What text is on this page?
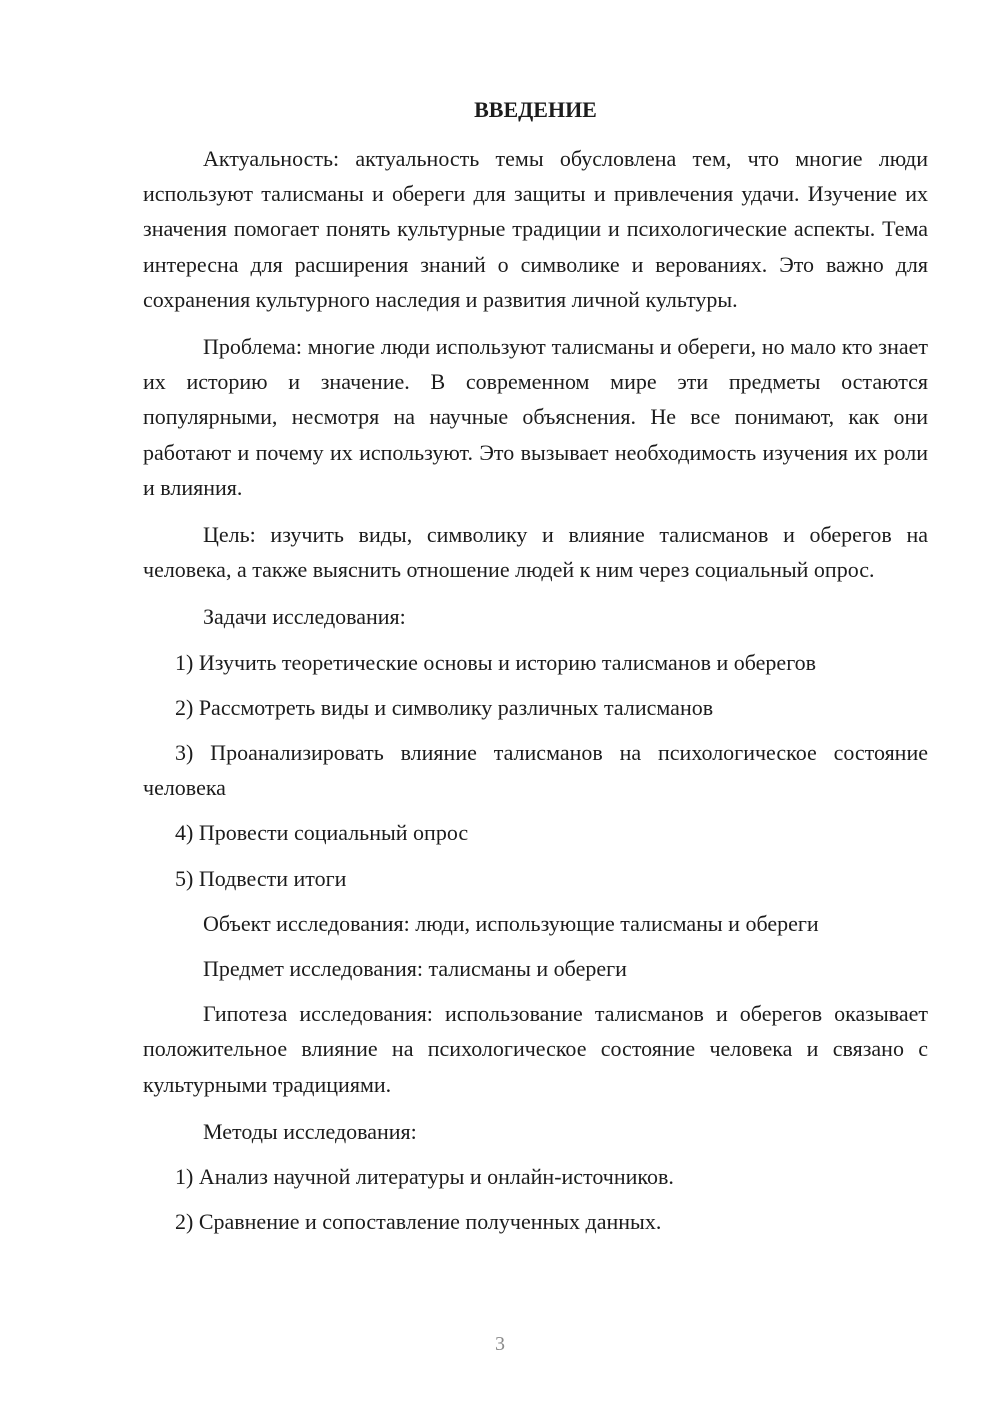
ВВЕДЕНИЕ

Актуальность: актуальность темы обусловлена тем, что многие люди используют талисманы и обереги для защиты и привлечения удачи. Изучение их значения помогает понять культурные традиции и психологические аспекты. Тема интересна для расширения знаний о символике и верованиях. Это важно для сохранения культурного наследия и развития личной культуры.

Проблема: многие люди используют талисманы и обереги, но мало кто знает их историю и значение. В современном мире эти предметы остаются популярными, несмотря на научные объяснения. Не все понимают, как они работают и почему их используют. Это вызывает необходимость изучения их роли и влияния.

Цель: изучить виды, символику и влияние талисманов и оберегов на человека, а также выяснить отношение людей к ним через социальный опрос.

Задачи исследования:

1) Изучить теоретические основы и историю талисманов и оберегов

2) Рассмотреть виды и символику различных талисманов

3) Проанализировать влияние талисманов на психологическое состояние человека

4) Провести социальный опрос

5) Подвести итоги

Объект исследования: люди, использующие талисманы и обереги

Предмет исследования: талисманы и обереги

Гипотеза исследования: использование талисманов и оберегов оказывает положительное влияние на психологическое состояние человека и связано с культурными традициями.

Методы исследования:

1) Анализ научной литературы и онлайн-источников.

2) Сравнение и сопоставление полученных данных.

3
